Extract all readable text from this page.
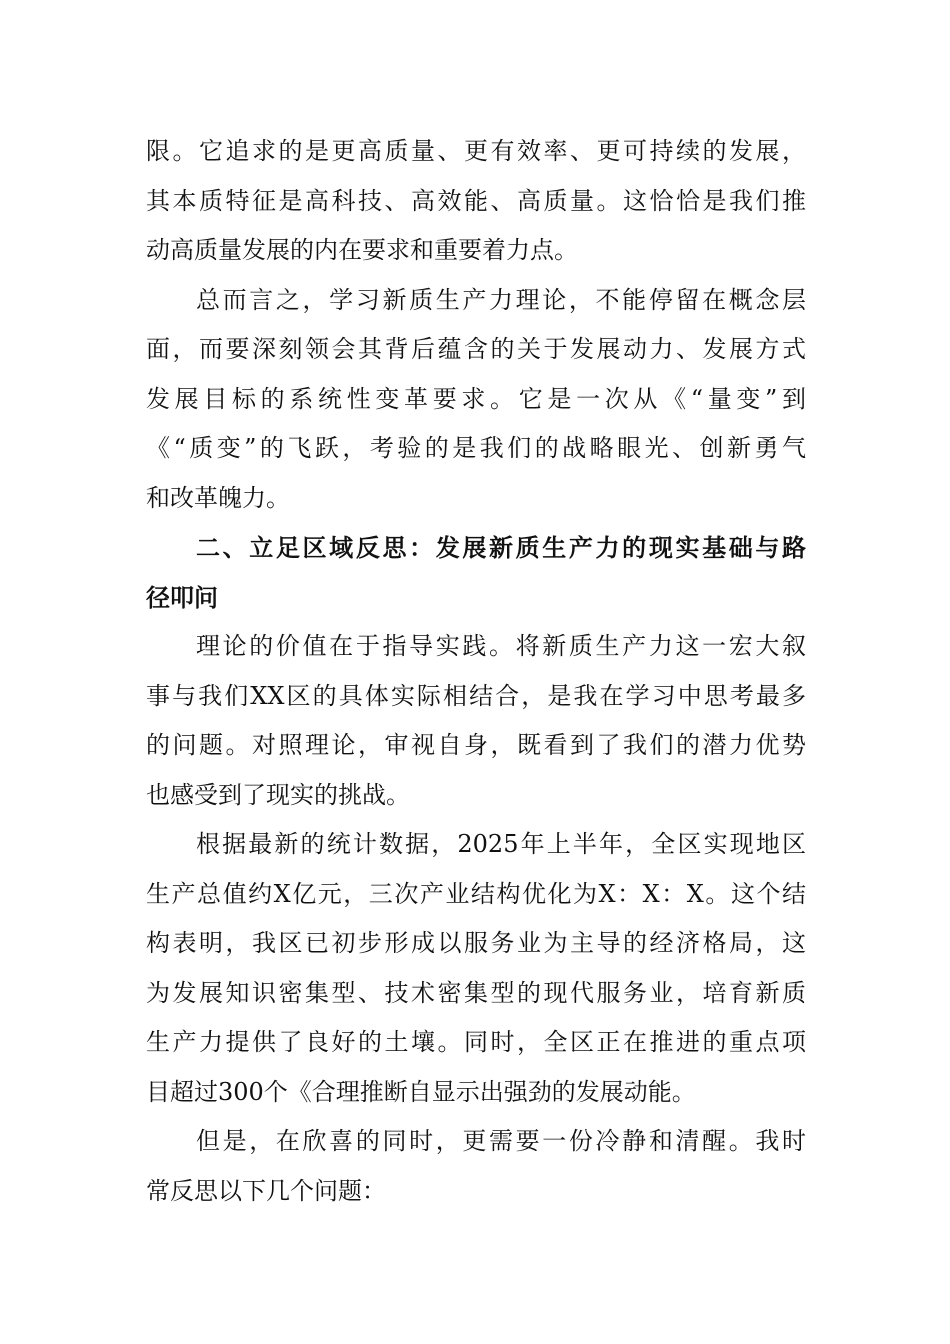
限。它追求的是更高质量、更有效率、更可持续的发展，
其本质特征是高科技、高效能、高质量。这恰恰是我们推
动高质量发展的内在要求和重要着力点。
总而言之，学习新质生产力理论，不能停留在概念层
面，而要深刻领会其背后蕴含的关于发展动力、发展方式
发展目标的系统性变革要求。它是一次从《“量变”到
《“质变”的飞跃，考验的是我们的战略眼光、创新勇气
和改革魄力。
二、立足区域反思：发展新质生产力的现实基础与路
径叩问
理论的价值在于指导实践。将新质生产力这一宏大叙
事与我们XX区的具体实际相结合，是我在学习中思考最多
的问题。对照理论，审视自身，既看到了我们的潜力优势
也感受到了现实的挑战。
根据最新的统计数据，2025年上半年，全区实现地区
生产总值约X亿元，三次产业结构优化为X：X：X。这个结
构表明，我区已初步形成以服务业为主导的经济格局，这
为发展知识密集型、技术密集型的现代服务业，培育新质
生产力提供了良好的土壤。同时，全区正在推进的重点项
目超过300个《合理推断自显示出强劲的发展动能。
但是，在欣喜的同时，更需要一份冷静和清醒。我时
常反思以下几个问题：
